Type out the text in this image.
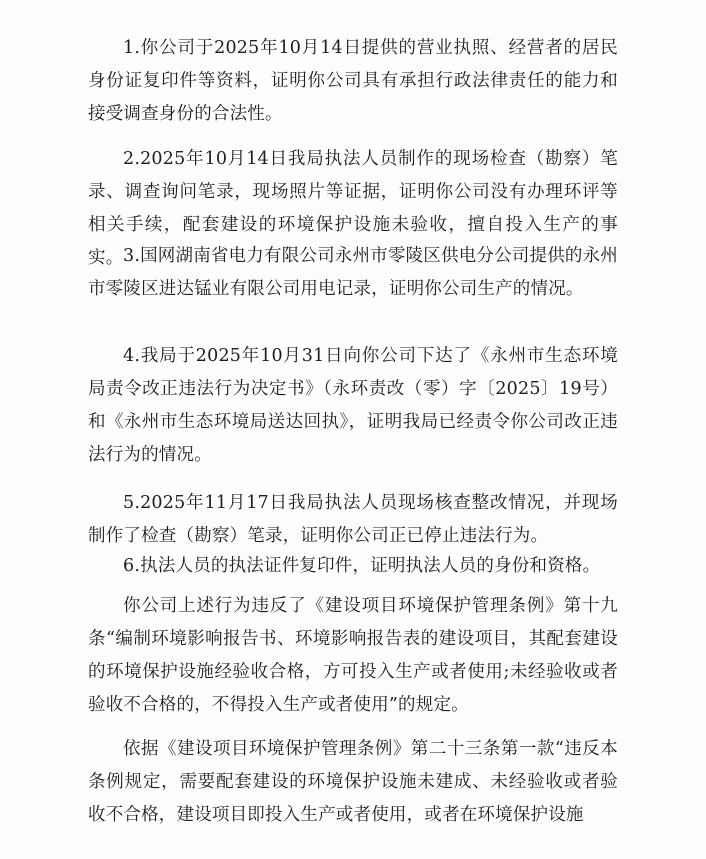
1.你公司于2025年10月14日提供的营业执照、经营者的居民身份证复印件等资料，证明你公司具有承担行政法律责任的能力和接受调查身份的合法性。

2.2025年10月14日我局执法人员制作的现场检查（勘察）笔录、调查询问笔录，现场照片等证据，证明你公司没有办理环评等相关手续，配套建设的环境保护设施未验收，擅自投入生产的事实。 3.国网湖南省电力有限公司永州市零陵区供电分公司提供的永州市零陵区进达锰业有限公司用电记录，证明你公司生产的情况。

4.我局于2025年10月31日向你公司下达了《永州市生态环境局责令改正违法行为决定书》（永环责改（零）字〔2025〕19号）和《永州市生态环境局送达回执》，证明我局已经责令你公司改正违法行为的情况。

5.2025年11月17日我局执法人员现场核查整改情况，并现场制作了检查（勘察）笔录，证明你公司正已停止违法行为。

6.执法人员的执法证件复印件，证明执法人员的身份和资格。

你公司上述行为违反了《建设项目环境保护管理条例》第十九条“编制环境影响报告书、环境影响报告表的建设项目，其配套建设的环境保护设施经验收合格，方可投入生产或者使用;未经验收或者验收不合格的，不得投入生产或者使用”的规定。

依据《建设项目环境保护管理条例》第二十三条第一款“违反本条例规定，需要配套建设的环境保护设施未建成、未经验收或者验收不合格，建设项目即投入生产或者使用，或者在环境保护设施
